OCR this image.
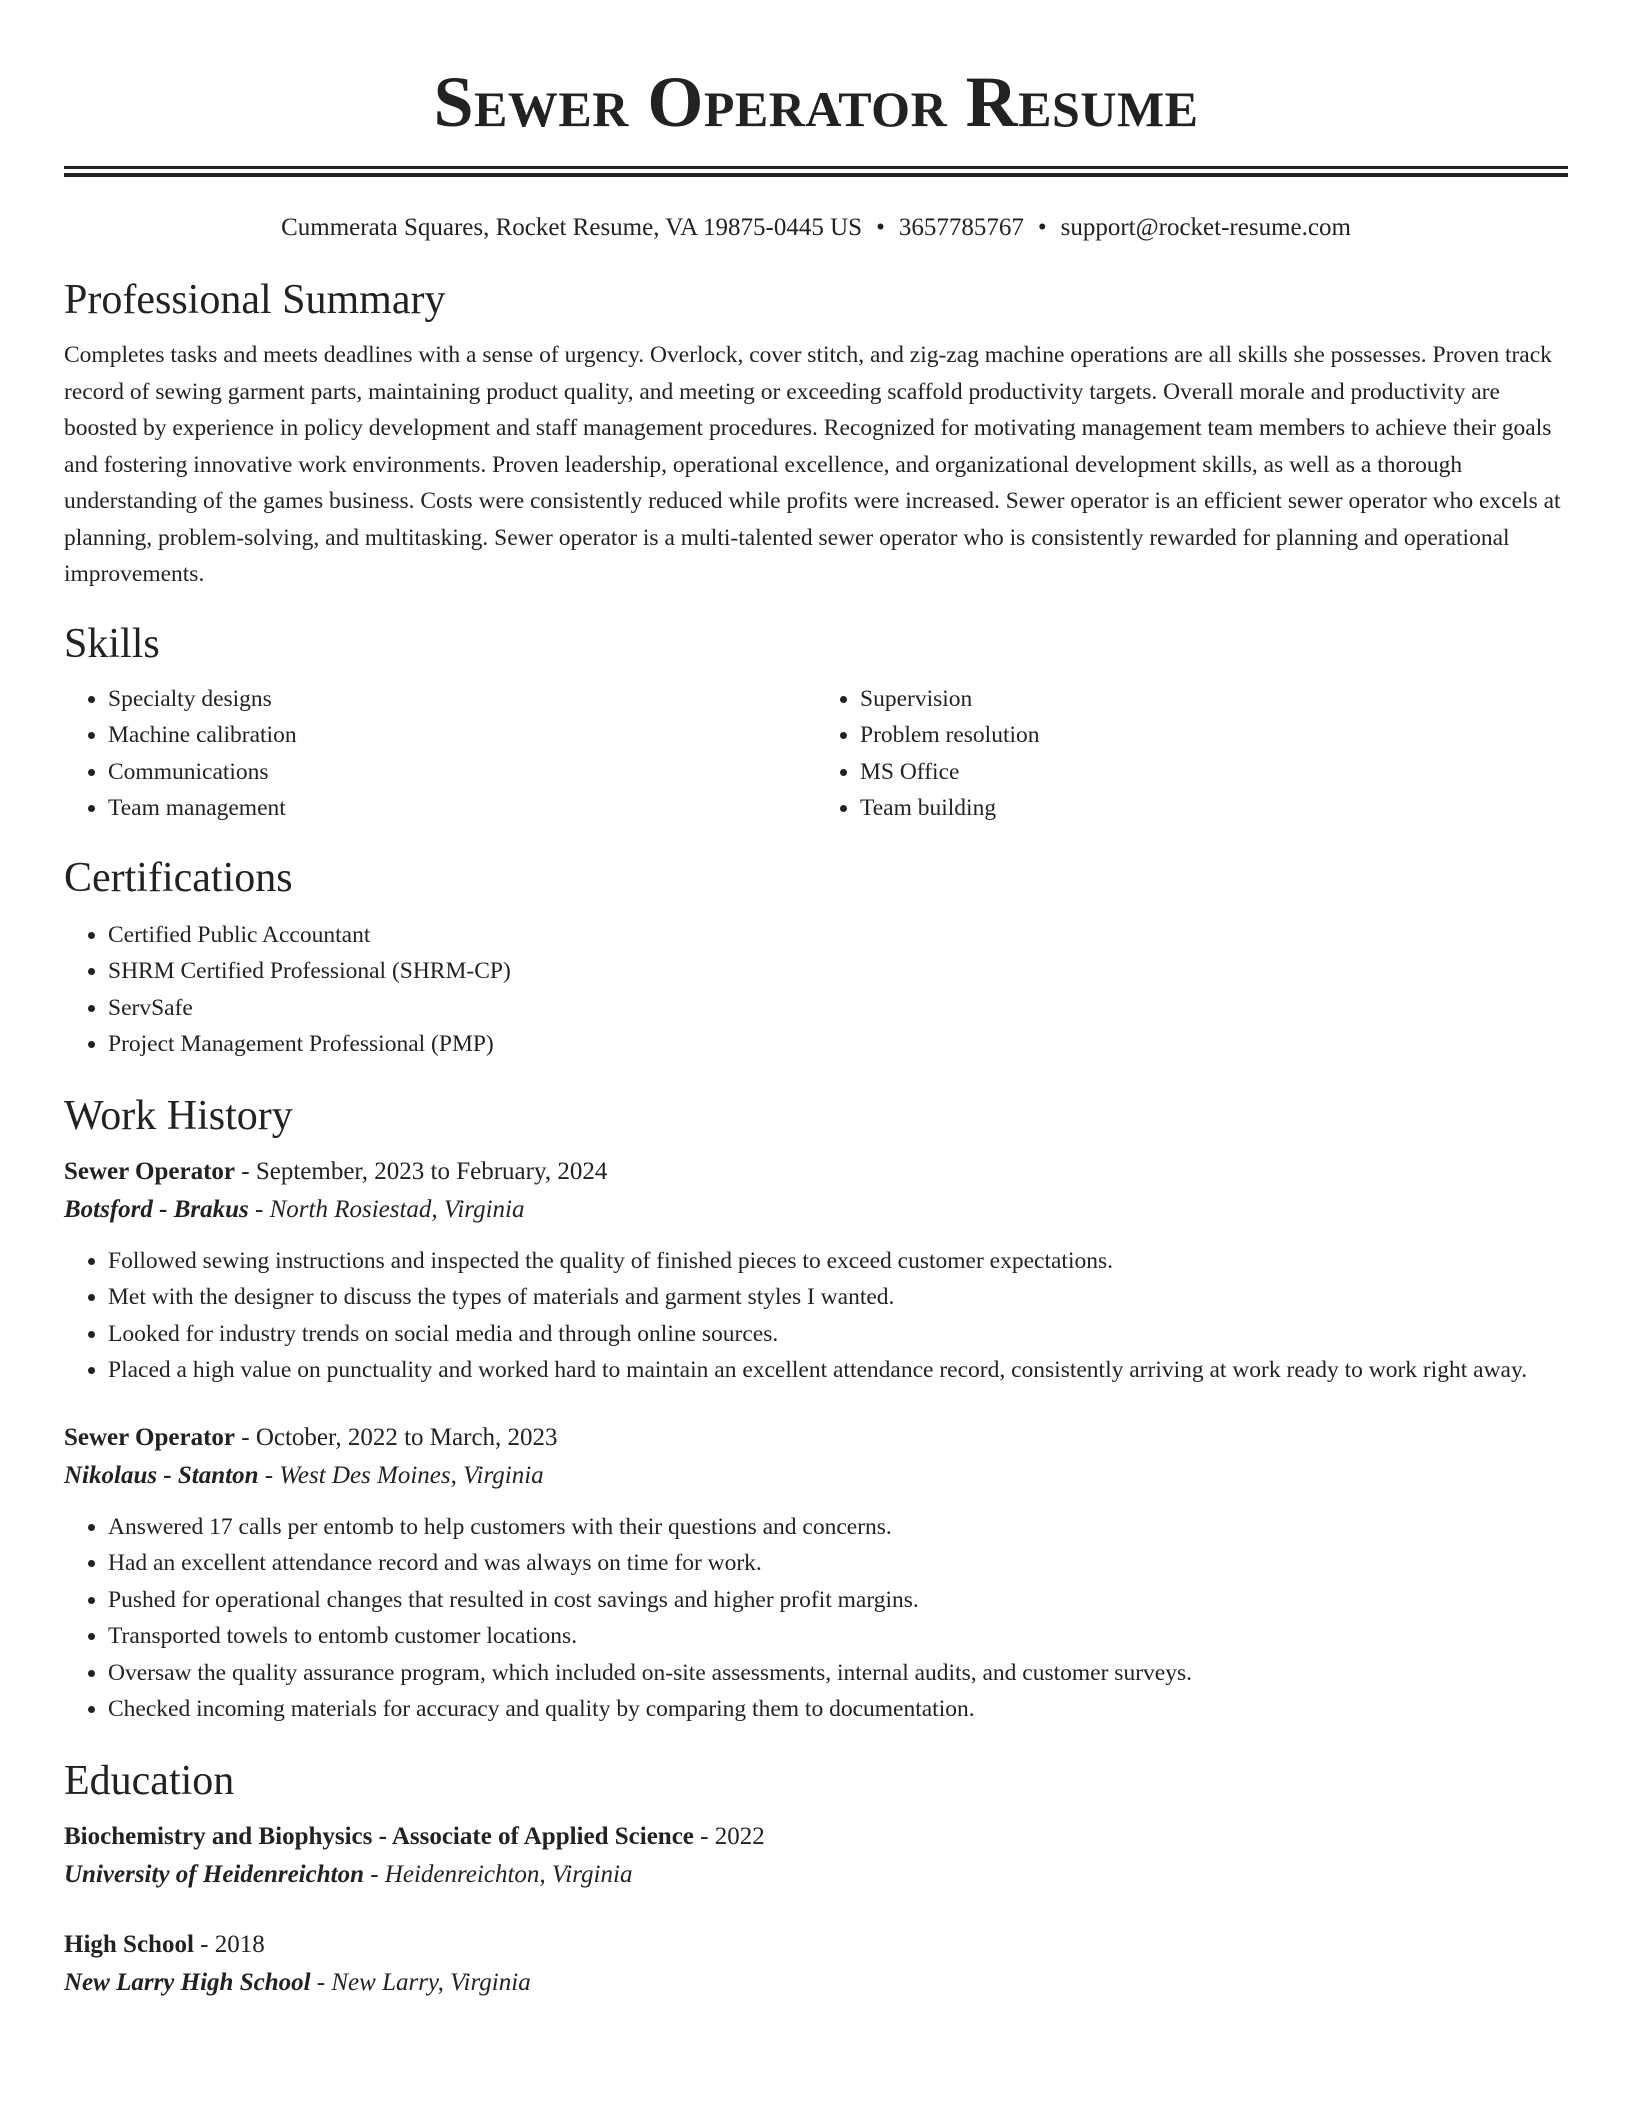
Sewer Operator Resume
Cummerata Squares, Rocket Resume, VA 19875-0445 US • 3657785767 • support@rocket-resume.com
Professional Summary

Completes tasks and meets deadlines with a sense of urgency. Overlock, cover stitch, and zig-zag machine operations are all skills she possesses. Proven track record of sewing garment parts, maintaining product quality, and meeting or exceeding scaffold productivity targets. Overall morale and productivity are boosted by experience in policy development and staff management procedures. Recognized for motivating management team members to achieve their goals and fostering innovative work environments. Proven leadership, operational excellence, and organizational development skills, as well as a thorough understanding of the games business. Costs were consistently reduced while profits were increased. Sewer operator is an efficient sewer operator who excels at planning, problem-solving, and multitasking. Sewer operator is a multi-talented sewer operator who is consistently rewarded for planning and operational improvements.

Skills
• Specialty designs
• Machine calibration
• Communications
• Team management
• Supervision
• Problem resolution
• MS Office
• Team building
Certifications
• Certified Public Accountant
• SHRM Certified Professional (SHRM-CP)
• ServSafe
• Project Management Professional (PMP)
Work History
Sewer Operator - September, 2023 to February, 2024
Botsford - Brakus - North Rosiestad, Virginia
• Followed sewing instructions and inspected the quality of finished pieces to exceed customer expectations.
• Met with the designer to discuss the types of materials and garment styles I wanted.
• Looked for industry trends on social media and through online sources.
• Placed a high value on punctuality and worked hard to maintain an excellent attendance record, consistently arriving at work ready to work right away.
Sewer Operator - October, 2022 to March, 2023
Nikolaus - Stanton - West Des Moines, Virginia
• Answered 17 calls per entomb to help customers with their questions and concerns.
• Had an excellent attendance record and was always on time for work.
• Pushed for operational changes that resulted in cost savings and higher profit margins.
• Transported towels to entomb customer locations.
• Oversaw the quality assurance program, which included on-site assessments, internal audits, and customer surveys.
• Checked incoming materials for accuracy and quality by comparing them to documentation.
Education
Biochemistry and Biophysics - Associate of Applied Science - 2022
University of Heidenreichton - Heidenreichton, Virginia
High School - 2018
New Larry High School - New Larry, Virginia
